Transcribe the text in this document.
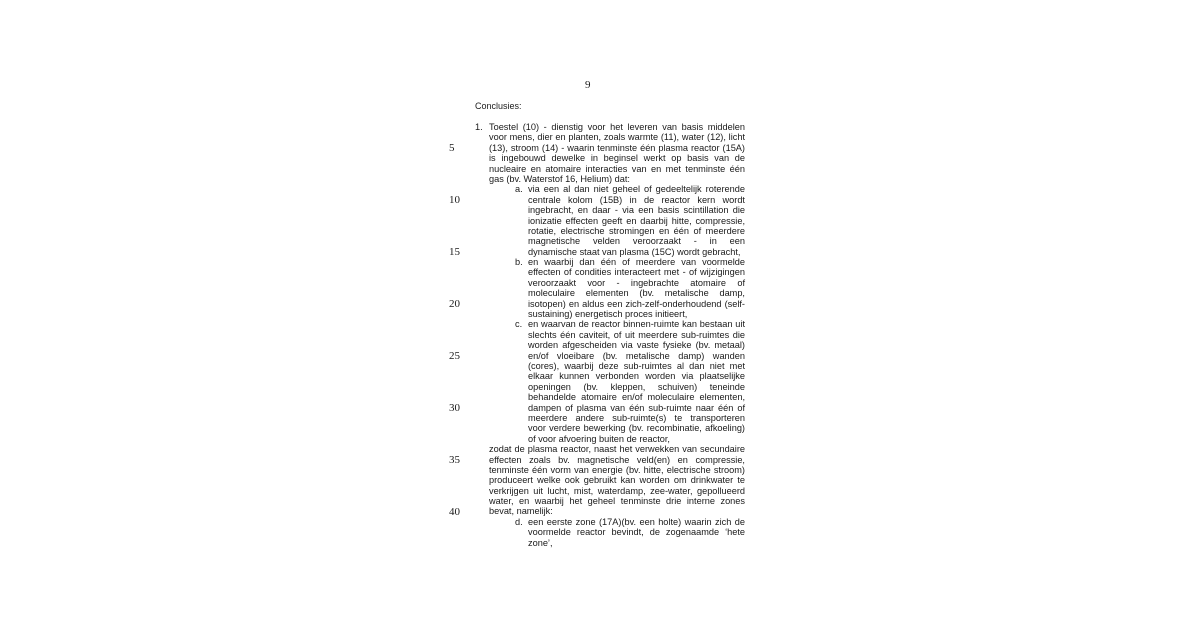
9
Conclusies:
5
10
15
20
25
30
35
40
1. Toestel (10) - dienstig voor het leveren van basis middelen
voor mens, dier en planten, zoals warmte (11), water (12), licht
(13), stroom (14) - waarin tenminste één plasma reactor (15A)
is ingebouwd dewelke in beginsel werkt op basis van de
nucleaire en atomaire interacties van en met tenminste één
gas (bv. Waterstof 16, Helium) dat:
a. via een al dan niet geheel of gedeeltelijk roterende
centrale kolom (15B) in de reactor kern wordt
ingebracht, en daar - via een basis scintillation die
ionizatie effecten geeft en daarbij hitte, compressie,
rotatie, electrische stromingen en één of meerdere
magnetische velden veroorzaakt - in een
dynamische staat van plasma (15C) wordt gebracht,
b. en waarbij dan één of meerdere van voormelde
effecten of condities interacteert met - of wijzigingen
veroorzaakt voor - ingebrachte atomaire of
moleculaire elementen (bv. metalische damp,
isotopen) en aldus een zich-zelf-onderhoudend (self-
sustaining) energetisch proces initieert,
c. en waarvan de reactor binnen-ruimte kan bestaan uit
slechts één caviteit, of uit meerdere sub-ruimtes die
worden afgescheiden via vaste fysieke (bv. metaal)
en/of vloeibare (bv. metalische damp) wanden
(cores), waarbij deze sub-ruimtes al dan niet met
elkaar kunnen verbonden worden via plaatselijke
openingen (bv. kleppen, schuiven) teneinde
behandelde atomaire en/of moleculaire elementen,
dampen of plasma van één sub-ruimte naar één of
meerdere andere sub-ruimte(s) te transporteren
voor verdere bewerking (bv. recombinatie, afkoeling)
of voor afvoering buiten de reactor,
zodat de plasma reactor, naast het verwekken van secundaire
effecten zoals bv. magnetische veld(en) en compressie,
tenminste één vorm van energie (bv. hitte, electrische stroom)
produceert welke ook gebruikt kan worden om drinkwater te
verkrijgen uit lucht, mist, waterdamp, zee-water, gepollueerd
water, en waarbij het geheel tenminste drie interne zones
bevat, namelijk:
d. een eerste zone (17A)(bv. een holte) waarin zich de
voormelde reactor bevindt, de zogenaamde ‘hete
zone’,
